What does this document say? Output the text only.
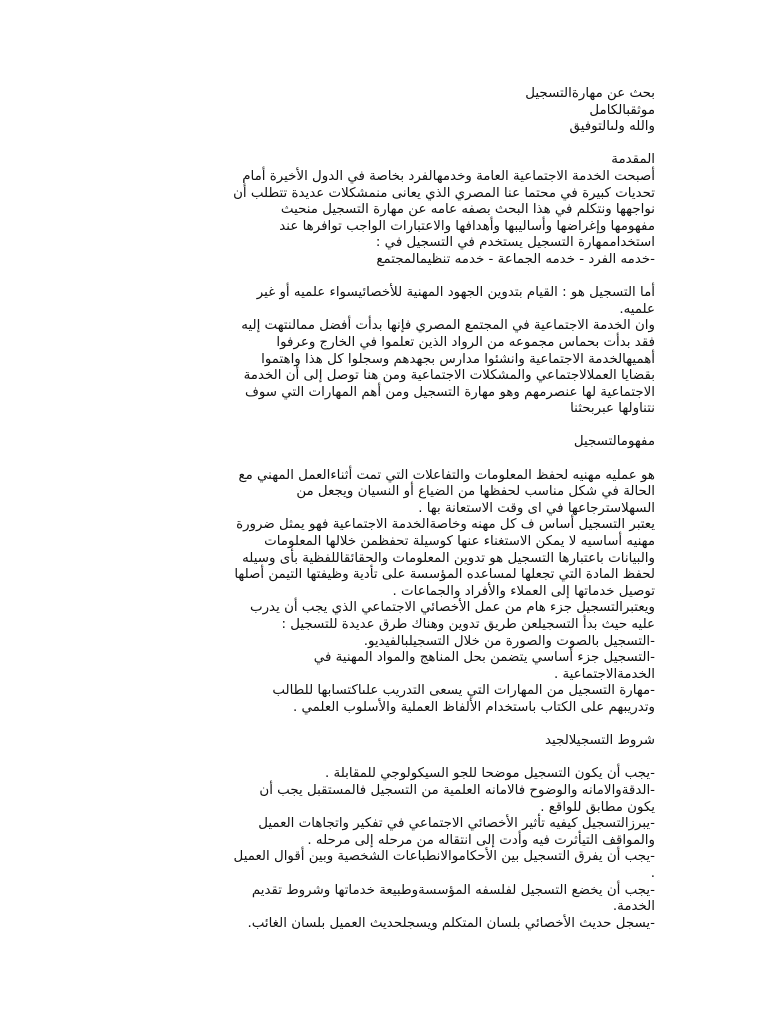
بحث عن مهارةالتسجيل
موثقبالكامل
والله ولىالتوفيق
المقدمة
أصبحت الخدمة الاجتماعية العامة وخدمهالفرد بخاصة في الدول الأخيرة أمام
تحديات كبيرة في محتما عنا المصري الذي يعانى منمشكلات عديدة تتطلب أن
نواجهها ونتكلم في هذا البحث بصفه عامه عن مهارة التسجيل منحيث
مفهومها وإغراضها وأساليبها وأهدافها والاعتبارات الواجب توافرها عند
استخداممهارة التسجيل يستخدم في التسجيل في :
-خدمه الفرد - خدمه الجماعة - خدمه تنظيمالمجتمع
أما التسجيل هو : القيام بتدوين الجهود المهنية للأخصائيسواء علميه أو غير
علميه.
وان الخدمة الاجتماعية في المجتمع المصري فإنها بدأت أفضل ممالنتهت إليه
فقد بدأت بحماس مجموعه من الرواد الذين تعلموا في الخارج وعرفوا
أهميهالخدمة الاجتماعية وانشئوا مدارس بجهدهم وسجلوا كل هذا واهتموا
بقضايا العملالاجتماعي والمشكلات الاجتماعية ومن هنا توصل إلى أن الخدمة
الاجتماعية لها عنصرمهم وهو مهارة التسجيل ومن أهم المهارات التي سوف
نتناولها عبربحثنا
مفهومالتسجيل
هو عمليه مهنيه لحفظ المعلومات والتفاعلات التي تمت أثناءالعمل المهني مع
الحالة في شكل مناسب لحفظها من الضياع أو النسيان ويجعل من
السهلاسترجاعها في اى وقت الاستعانة بها .
يعتبر التسجيل أساس ف كل مهنه وخاصةالخدمة الاجتماعية فهو يمثل ضرورة
مهنيه أساسيه لا يمكن الاستغناء عنها كوسيلة تحفظمن خلالها المعلومات
والبيانات باعتبارها التسجيل هو تدوين المعلومات والحقائقاللفظية بأى وسيله
لحفظ المادة التي تجعلها لمساعده المؤسسة على تأدية وظيفتها التيمن أصلها
توصيل خدماتها إلى العملاء والأفراد والجماعات .
ويعتبرالتسجيل جزء هام من عمل الأخصائي الاجتماعي الذي يجب أن يدرب
عليه حيث بدأ التسجيلعن طريق تدوين وهناك طرق عديدة للتسجيل :
-التسجيل بالصوت والصورة من خلال التسجيلبالفيديو.
-التسجيل جزء أساسي يتضمن بحل المناهج والمواد المهنية في
الخدمةالاجتماعية .
-مهارة التسجيل من المهارات التي يسعى التدريب علىاكتسابها للطالب
وتدريبهم على الكتاب باستخدام الألفاظ العملية والأسلوب العلمي .
شروط التسجيلالجيد
-يجب أن يكون التسجيل موضحا للجو السيكولوجي للمقابلة .
-الدقةوالامانه والوضوح فالامانه العلمية من التسجيل فالمستقبل يجب أن
يكون مطابق للواقع .
-يبرزالتسجيل كيفيه تأثير الأخصائي الاجتماعي في تفكير واتجاهات العميل
والمواقف التيأثرت فيه وأدت إلى انتقاله من مرحله إلى مرحله .
-يجب أن يفرق التسجيل بين الأحكاموالانطباعات الشخصية وبين أقوال العميل
.
-يجب أن يخضع التسجيل لفلسفه المؤسسةوطبيعة خدماتها وشروط تقديم
الخدمة.
-يسجل حديث الأخصائي بلسان المتكلم ويسجلحديث العميل بلسان الغائب.
